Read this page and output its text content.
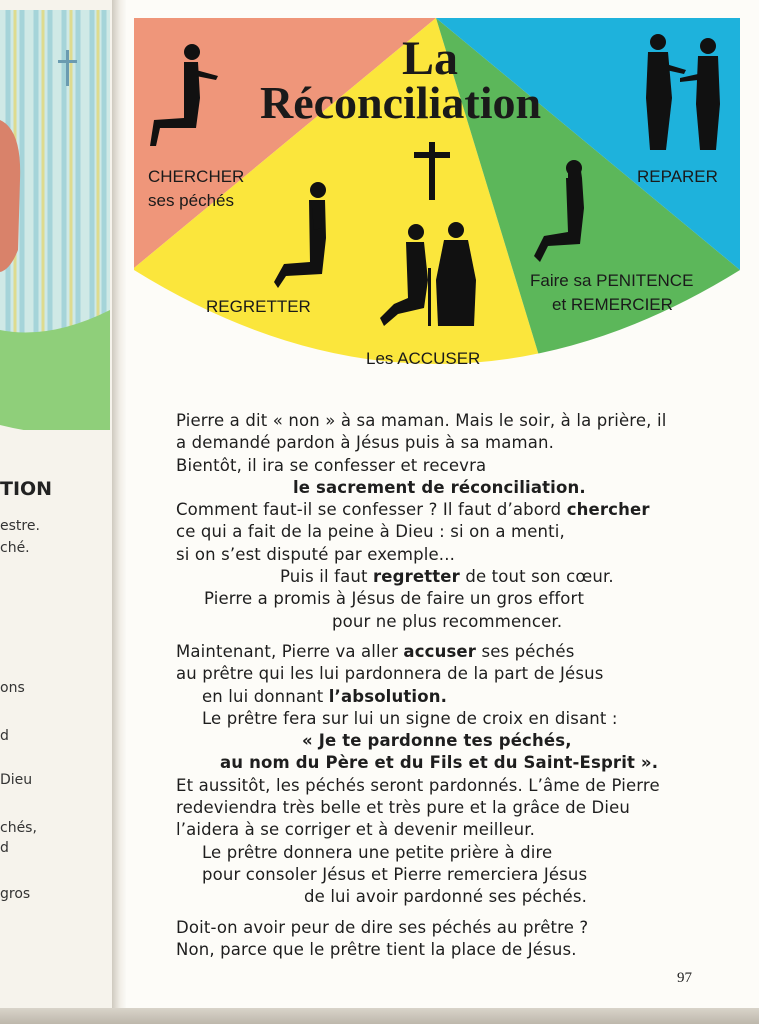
TION
estre.
ché.
ons
d
Dieu
chés,
d
gros
La
Réconciliation
CHERCHER
ses péchés
REGRETTER
Les ACCUSER
Faire sa PENITENCE
et REMERCIER
REPARER
Pierre a dit « non » à sa maman. Mais le soir, à la prière, il
a demandé pardon à Jésus puis à sa maman.
Bientôt, il ira se confesser et recevra
le sacrement de réconciliation.
Comment faut-il se confesser ? Il faut d’abord chercher
ce qui a fait de la peine à Dieu : si on a menti,
si on s’est disputé par exemple...
Puis il faut regretter de tout son cœur.
Pierre a promis à Jésus de faire un gros effort
pour ne plus recommencer.
Maintenant, Pierre va aller accuser ses péchés
au prêtre qui les lui pardonnera de la part de Jésus
en lui donnant l’absolution.
Le prêtre fera sur lui un signe de croix en disant :
« Je te pardonne tes péchés,
au nom du Père et du Fils et du Saint-Esprit ».
Et aussitôt, les péchés seront pardonnés. L’âme de Pierre
redeviendra très belle et très pure et la grâce de Dieu
l’aidera à se corriger et à devenir meilleur.
Le prêtre donnera une petite prière à dire
pour consoler Jésus et Pierre remerciera Jésus
de lui avoir pardonné ses péchés.
Doit-on avoir peur de dire ses péchés au prêtre ?
Non, parce que le prêtre tient la place de Jésus.
97
